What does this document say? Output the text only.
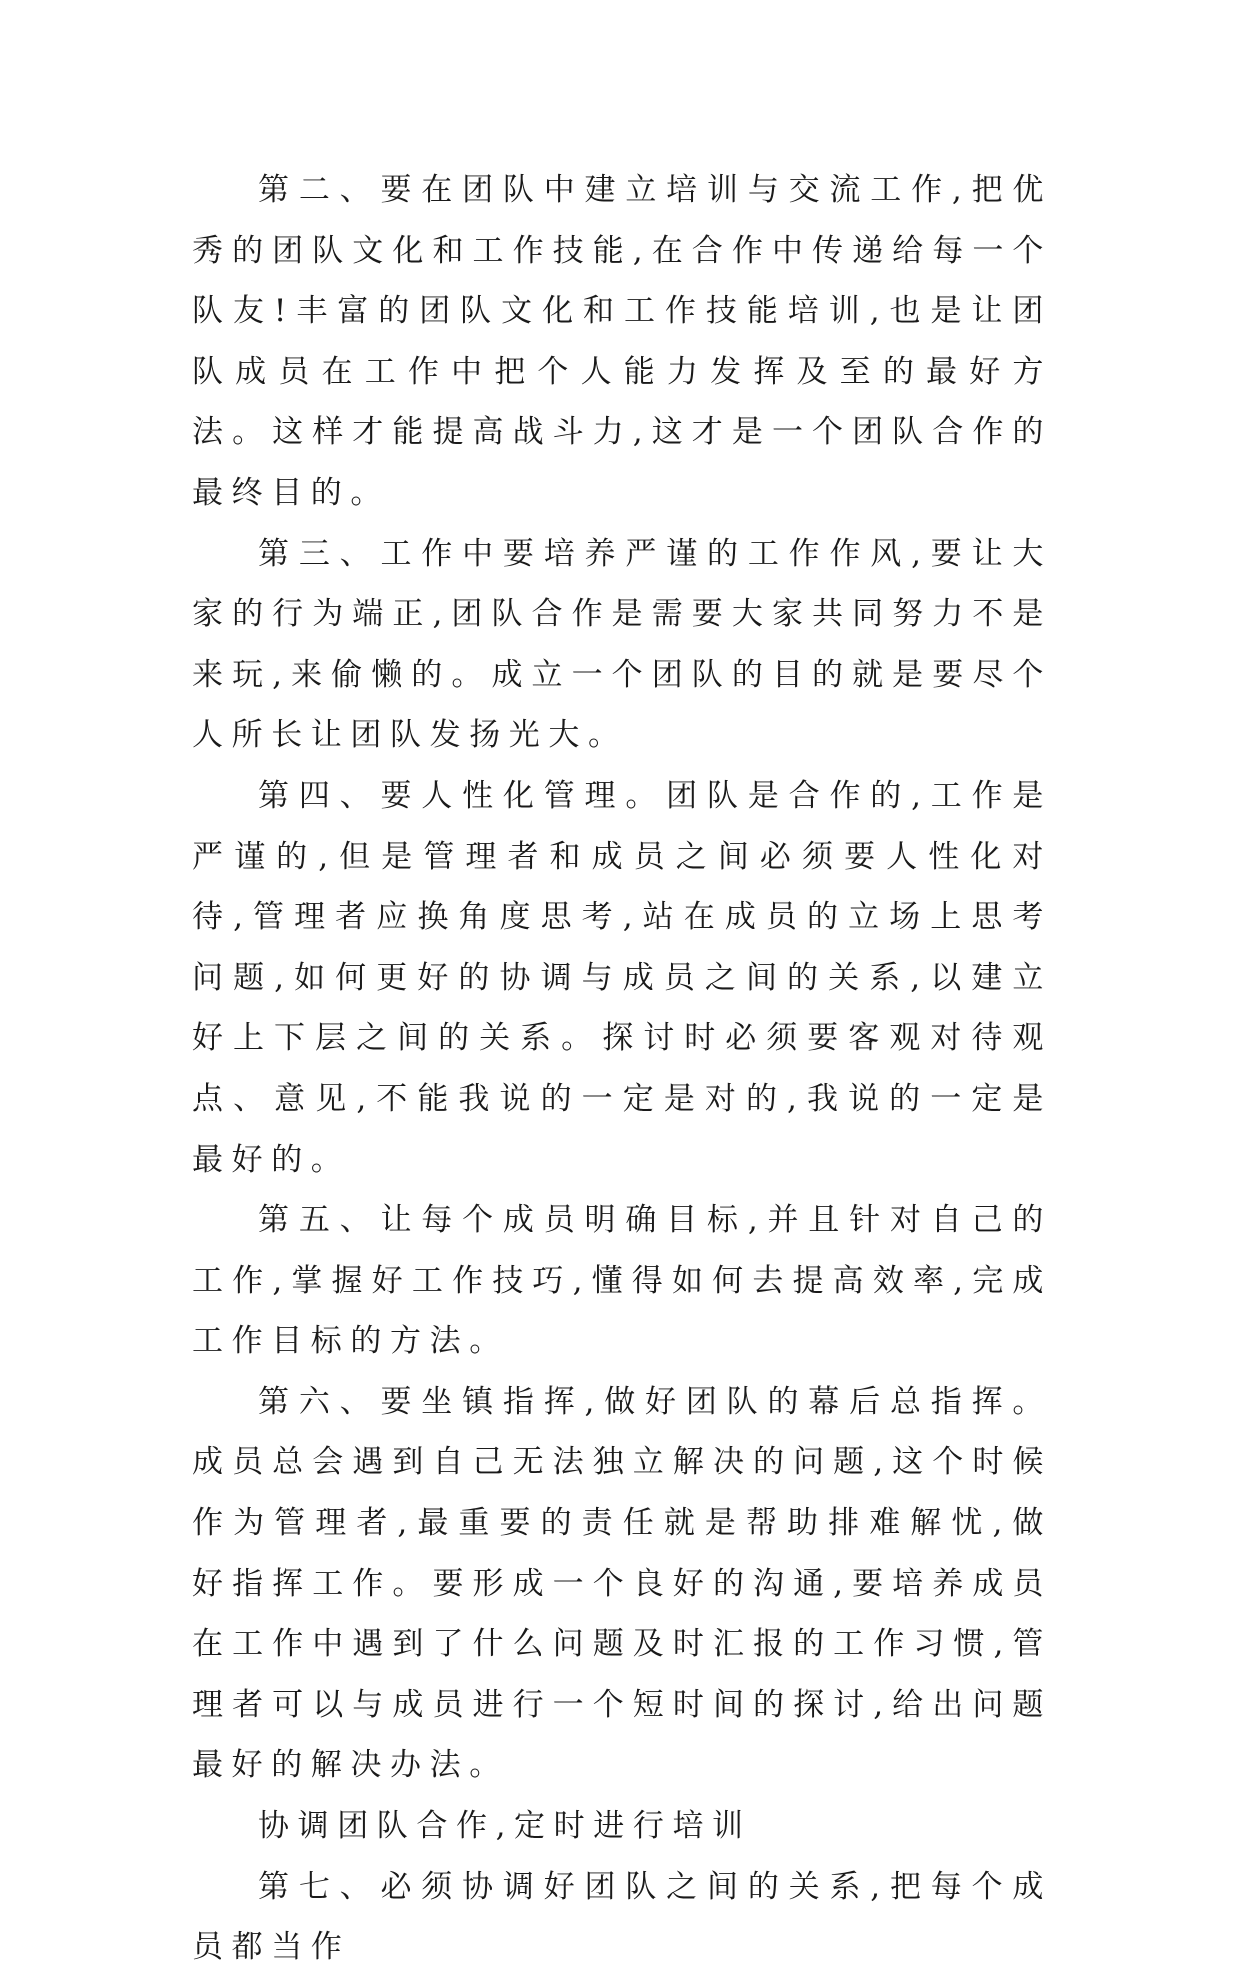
第二、要在团队中建立培训与交流工作,把优秀的团队文化和工作技能,在合作中传递给每一个队友!丰富的团队文化和工作技能培训,也是让团队成员在工作中把个人能力发挥及至的最好方法。这样才能提高战斗力,这才是一个团队合作的最终目的。

第三、工作中要培养严谨的工作作风,要让大家的行为端正,团队合作是需要大家共同努力不是来玩,来偷懒的。成立一个团队的目的就是要尽个人所长让团队发扬光大。

第四、要人性化管理。团队是合作的,工作是严谨的,但是管理者和成员之间必须要人性化对待,管理者应换角度思考,站在成员的立场上思考问题,如何更好的协调与成员之间的关系,以建立好上下层之间的关系。探讨时必须要客观对待观点、意见,不能我说的一定是对的,我说的一定是最好的。

第五、让每个成员明确目标,并且针对自己的工作,掌握好工作技巧,懂得如何去提高效率,完成工作目标的方法。

第六、要坐镇指挥,做好团队的幕后总指挥。成员总会遇到自己无法独立解决的问题,这个时候作为管理者,最重要的责任就是帮助排难解忧,做好指挥工作。要形成一个良好的沟通,要培养成员在工作中遇到了什么问题及时汇报的工作习惯,管理者可以与成员进行一个短时间的探讨,给出问题最好的解决办法。

协调团队合作,定时进行培训

第七、必须协调好团队之间的关系,把每个成员都当作
